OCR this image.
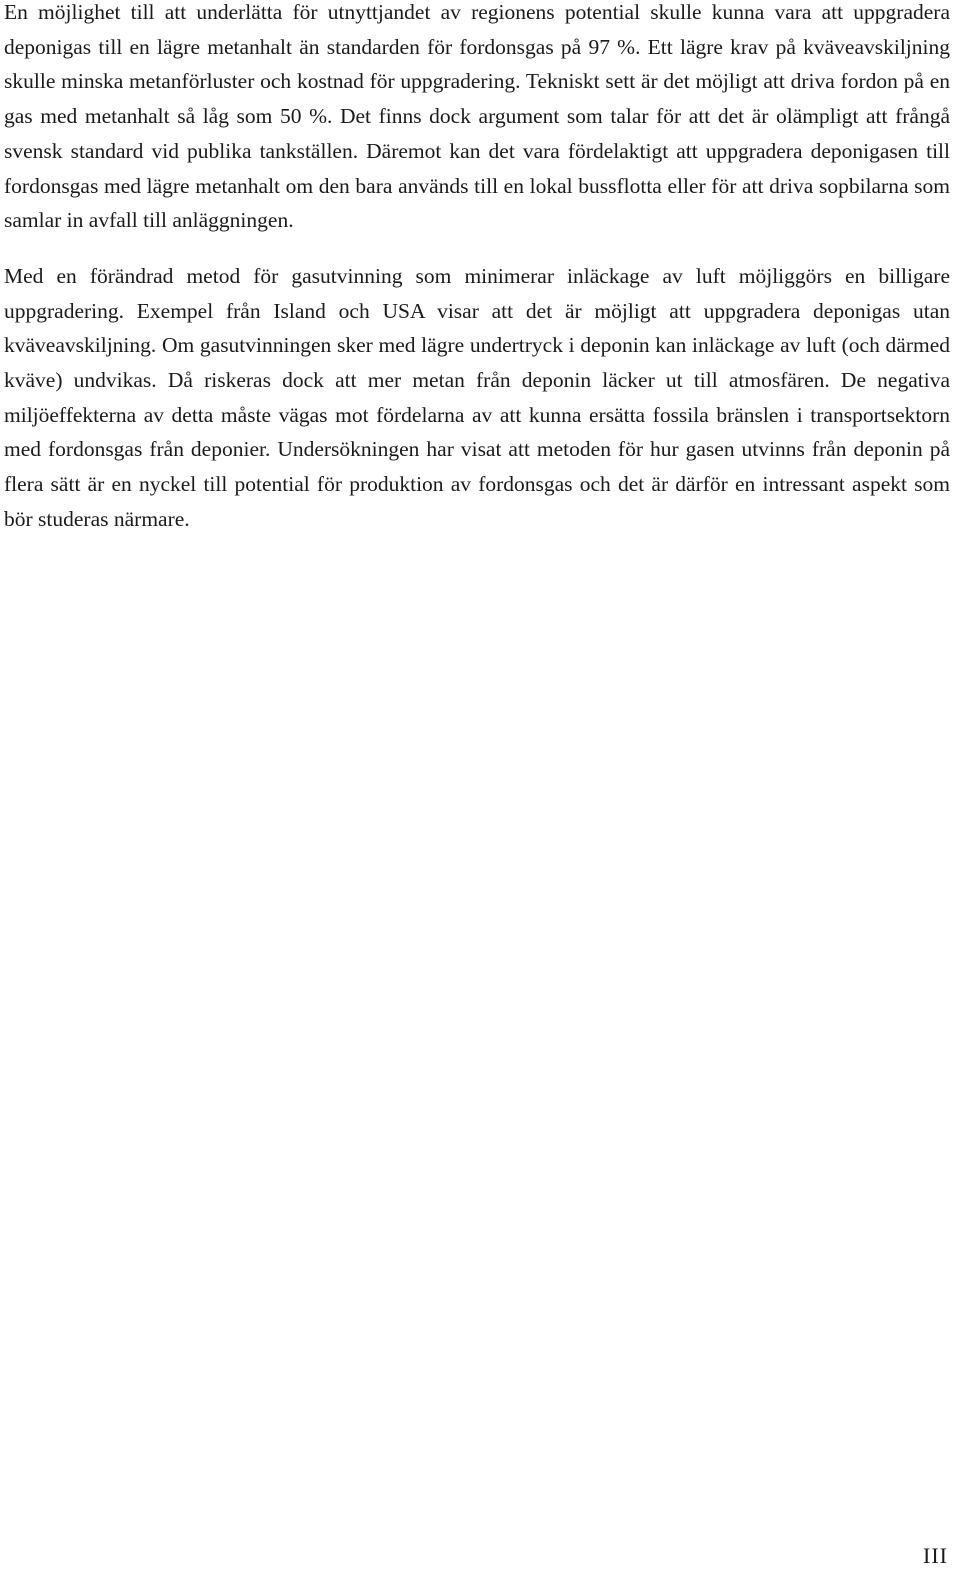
En möjlighet till att underlätta för utnyttjandet av regionens potential skulle kunna vara att uppgradera deponigas till en lägre metanhalt än standarden för fordonsgas på 97 %. Ett lägre krav på kväveavskiljning skulle minska metanförluster och kostnad för uppgradering. Tekniskt sett är det möjligt att driva fordon på en gas med metanhalt så låg som 50 %. Det finns dock argument som talar för att det är olämpligt att frångå svensk standard vid publika tankställen. Däremot kan det vara fördelaktigt att uppgradera deponigasen till fordonsgas med lägre metanhalt om den bara används till en lokal bussflotta eller för att driva sopbilarna som samlar in avfall till anläggningen.

Med en förändrad metod för gasutvinning som minimerar inläckage av luft möjliggörs en billigare uppgradering. Exempel från Island och USA visar att det är möjligt att uppgradera deponigas utan kväveavskiljning. Om gasutvinningen sker med lägre undertryck i deponin kan inläckage av luft (och därmed kväve) undvikas. Då riskeras dock att mer metan från deponin läcker ut till atmosfären. De negativa miljöeffekterna av detta måste vägas mot fördelarna av att kunna ersätta fossila bränslen i transportsektorn med fordonsgas från deponier. Undersökningen har visat att metoden för hur gasen utvinns från deponin på flera sätt är en nyckel till potential för produktion av fordonsgas och det är därför en intressant aspekt som bör studeras närmare.

III
